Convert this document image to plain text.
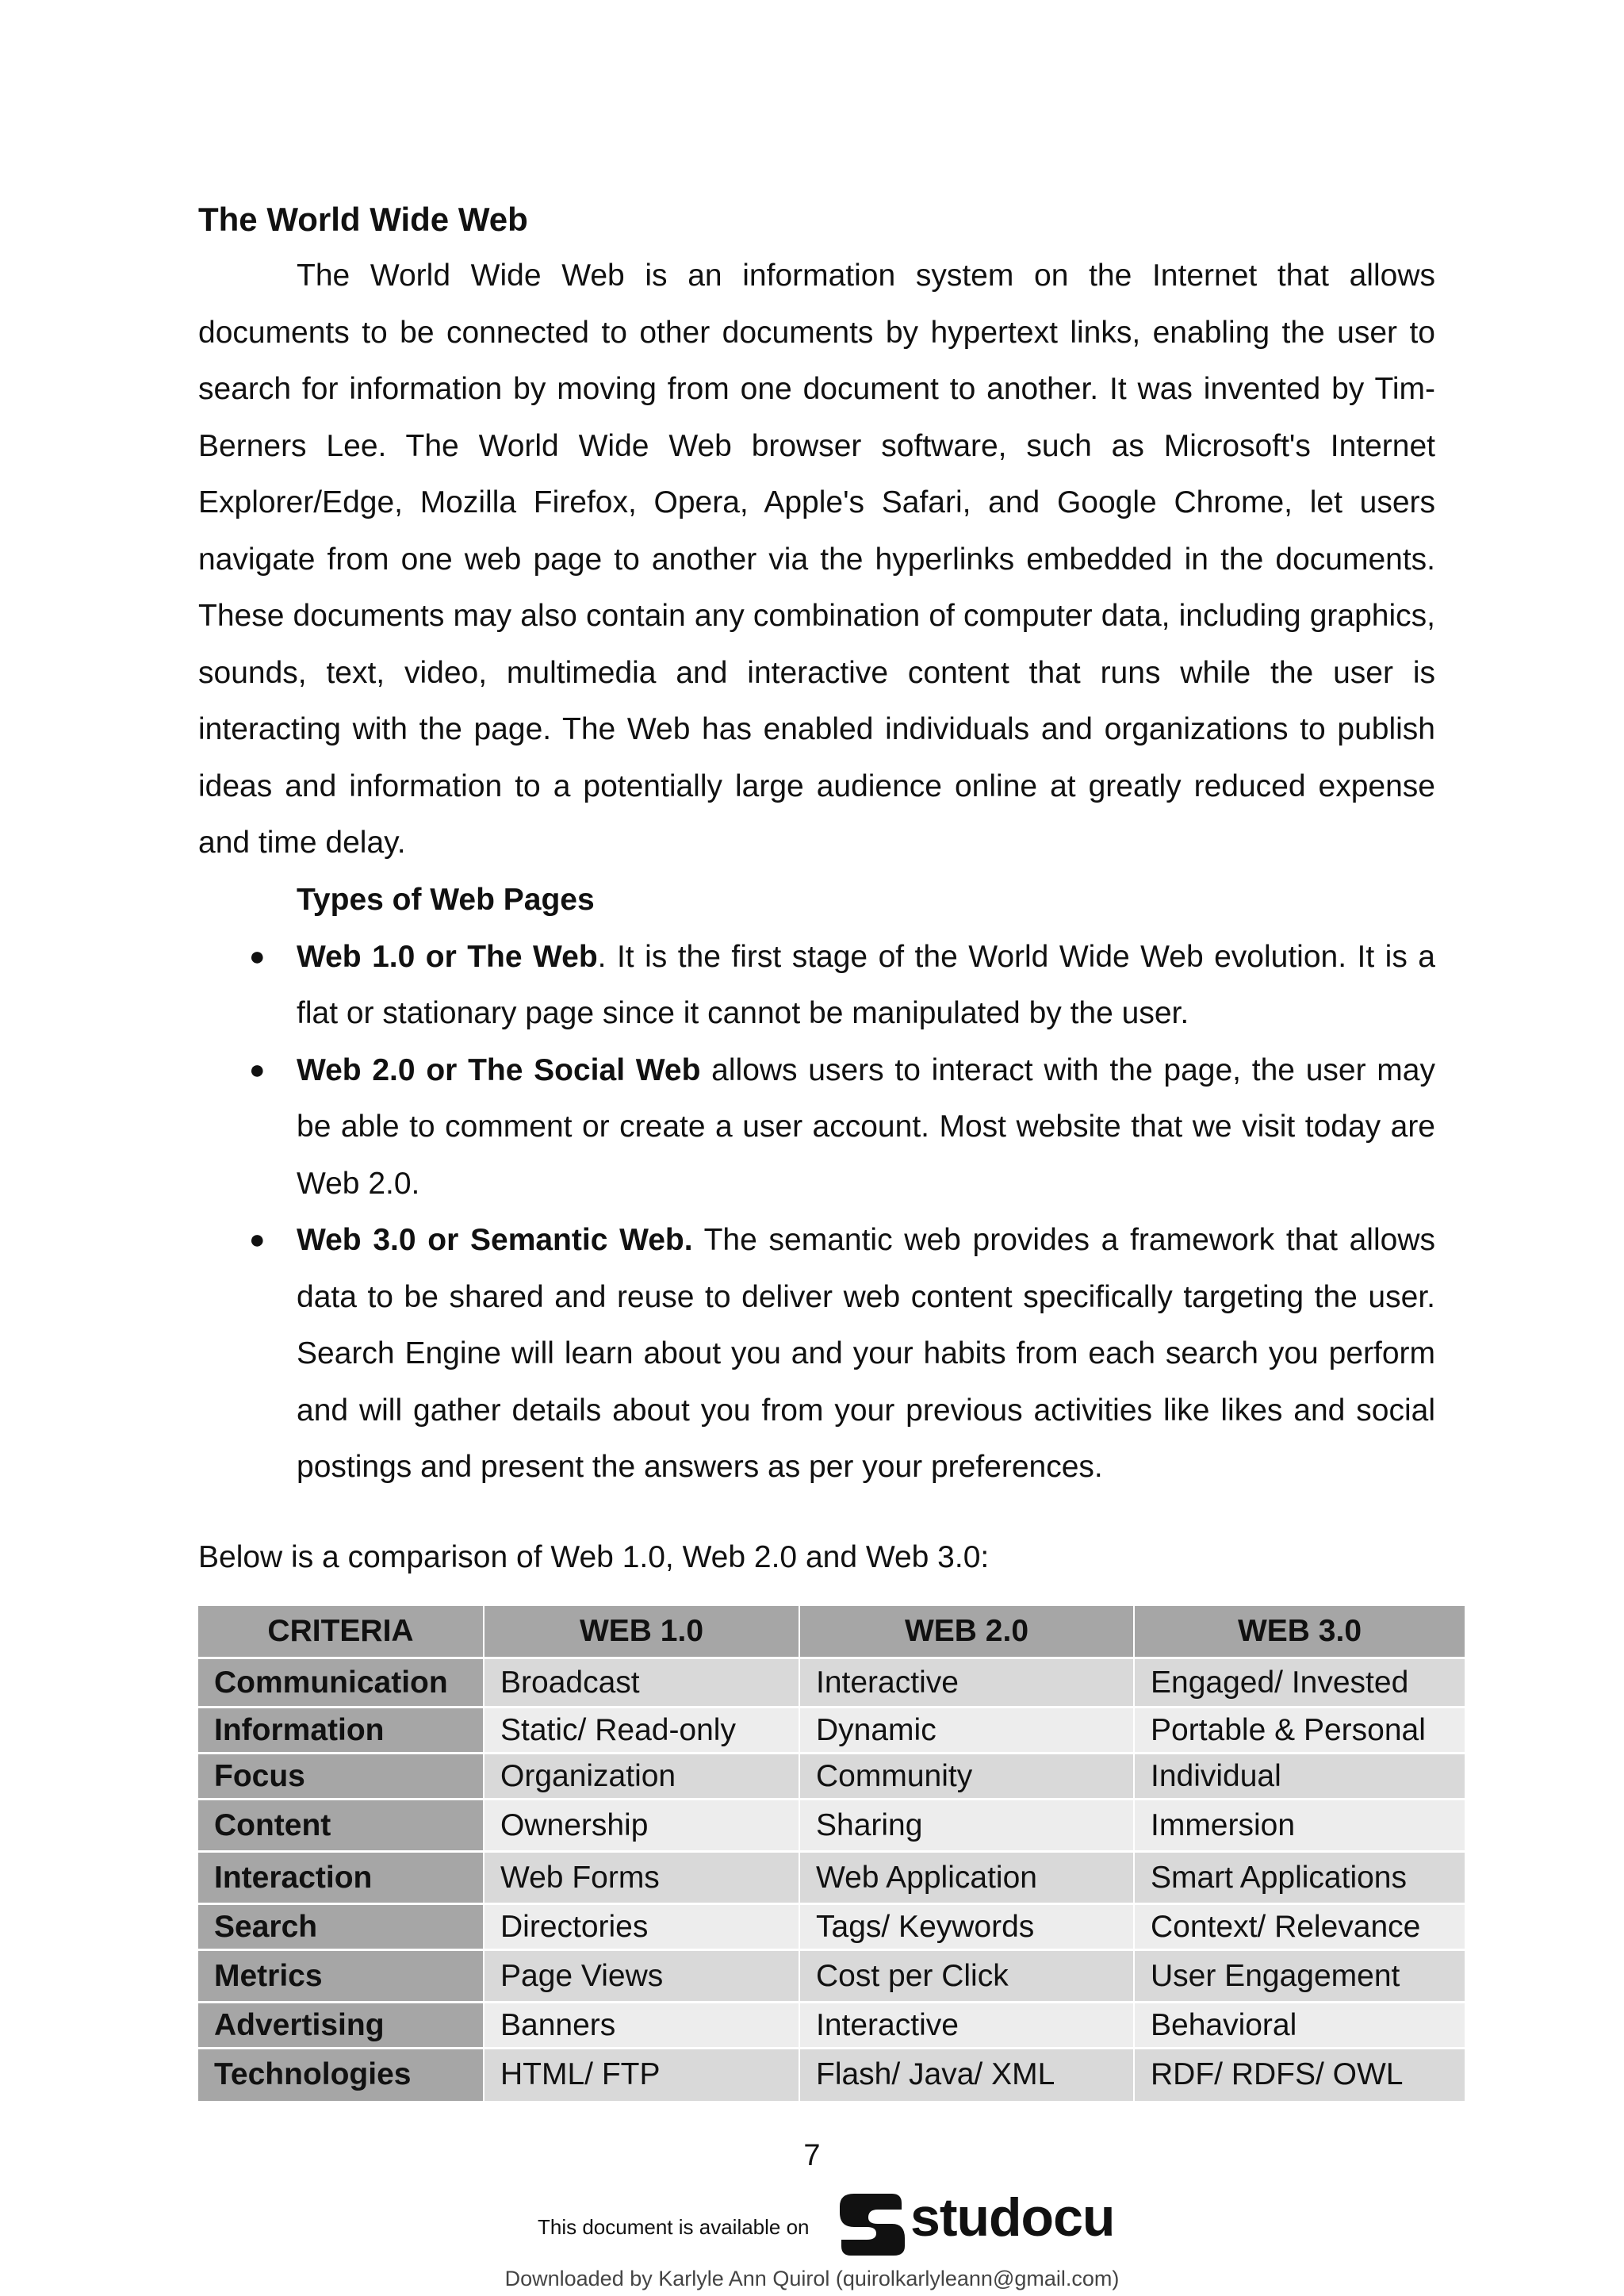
The World Wide Web

The World Wide Web is an information system on the Internet that allows documents to be connected to other documents by hypertext links, enabling the user to search for information by moving from one document to another. It was invented by Tim-Berners Lee. The World Wide Web browser software, such as Microsoft's Internet Explorer/Edge, Mozilla Firefox, Opera, Apple's Safari, and Google Chrome, let users navigate from one web page to another via the hyperlinks embedded in the documents. These documents may also contain any combination of computer data, including graphics, sounds, text, video, multimedia and interactive content that runs while the user is interacting with the page. The Web has enabled individuals and organizations to publish ideas and information to a potentially large audience online at greatly reduced expense and time delay.

Types of Web Pages

● Web 1.0 or The Web. It is the first stage of the World Wide Web evolution. It is a flat or stationary page since it cannot be manipulated by the user.
● Web 2.0 or The Social Web allows users to interact with the page, the user may be able to comment or create a user account. Most website that we visit today are Web 2.0.
● Web 3.0 or Semantic Web. The semantic web provides a framework that allows data to be shared and reuse to deliver web content specifically targeting the user. Search Engine will learn about you and your habits from each search you perform and will gather details about you from your previous activities like likes and social postings and present the answers as per your preferences.

Below is a comparison of Web 1.0, Web 2.0 and Web 3.0:

CRITERIA	WEB 1.0	WEB 2.0	WEB 3.0
Communication	Broadcast	Interactive	Engaged/ Invested
Information	Static/ Read-only	Dynamic	Portable & Personal
Focus	Organization	Community	Individual
Content	Ownership	Sharing	Immersion
Interaction	Web Forms	Web Application	Smart Applications
Search	Directories	Tags/ Keywords	Context/ Relevance
Metrics	Page Views	Cost per Click	User Engagement
Advertising	Banners	Interactive	Behavioral
Technologies	HTML/ FTP	Flash/ Java/ XML	RDF/ RDFS/ OWL
7
This document is available on studocu
Downloaded by Karlyle Ann Quirol (quirolkarlyleann@gmail.com)
